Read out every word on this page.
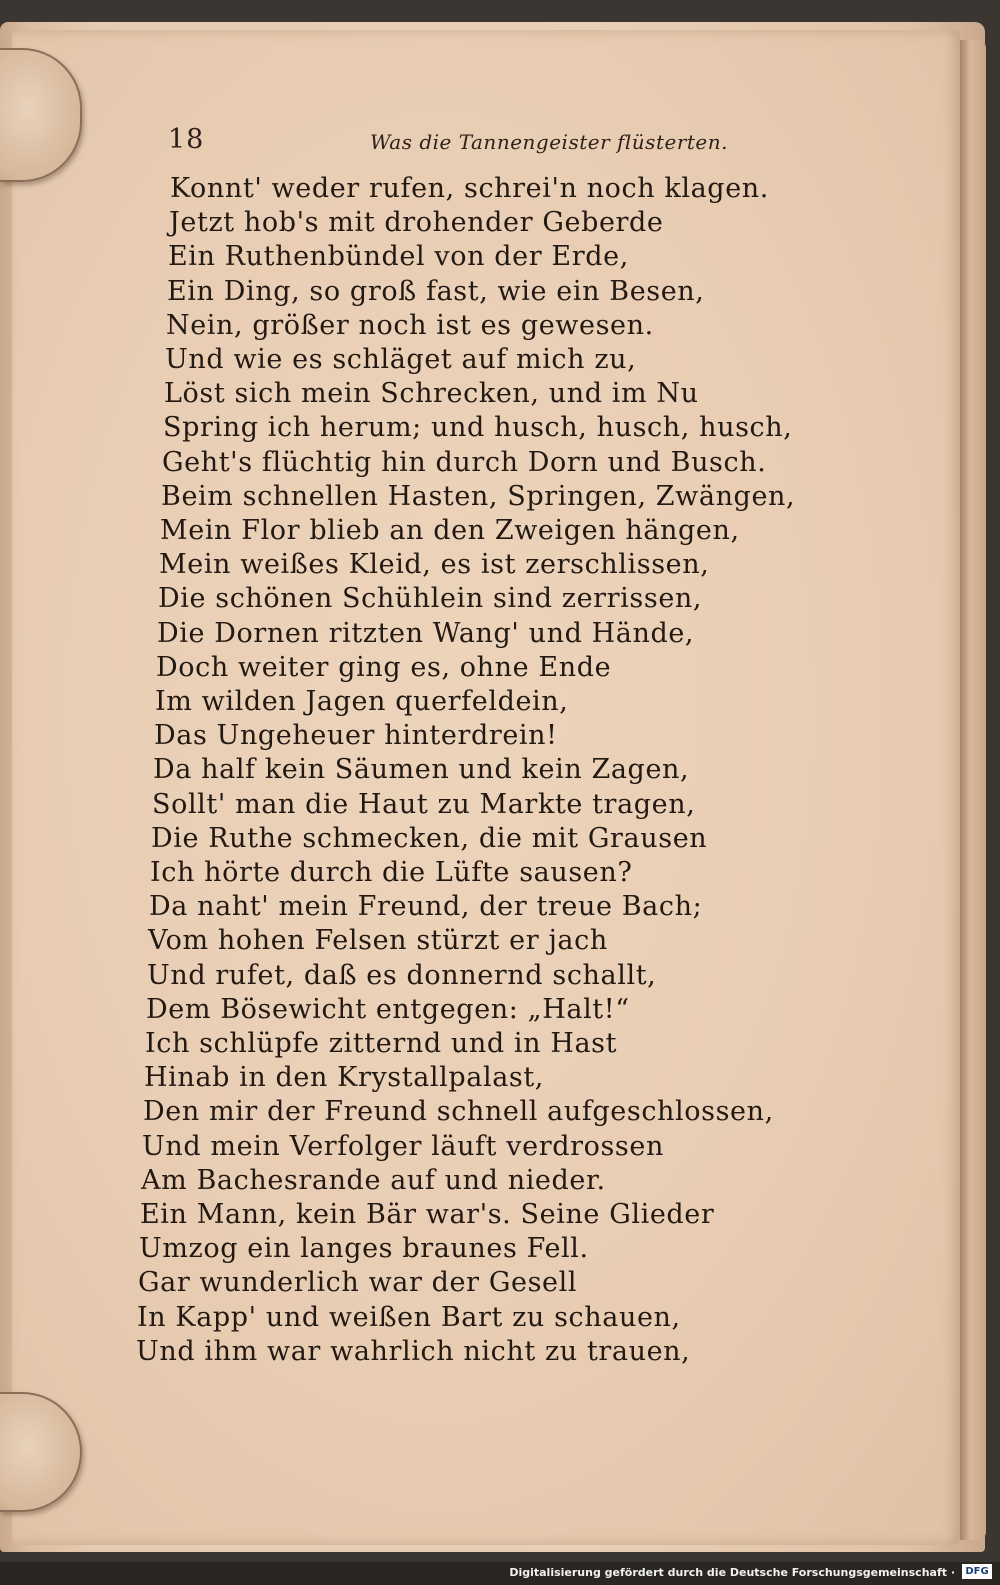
18	Was die Tannengeister flüsterten.
Konnt' weder rufen, schrei'n noch klagen.
Jetzt hob's mit drohender Geberde
Ein Ruthenbündel von der Erde,
Ein Ding, so groß fast, wie ein Besen,
Nein, größer noch ist es gewesen.
Und wie es schläget auf mich zu,
Löst sich mein Schrecken, und im Nu
Spring ich herum; und husch, husch, husch,
Geht's flüchtig hin durch Dorn und Busch.
Beim schnellen Hasten, Springen, Zwängen,
Mein Flor blieb an den Zweigen hängen,
Mein weißes Kleid, es ist zerschlissen,
Die schönen Schühlein sind zerrissen,
Die Dornen ritzten Wang' und Hände,
Doch weiter ging es, ohne Ende
Im wilden Jagen querfeldein,
Das Ungeheuer hinterdrein!
Da half kein Säumen und kein Zagen,
Sollt' man die Haut zu Markte tragen,
Die Ruthe schmecken, die mit Grausen
Ich hörte durch die Lüfte sausen?
Da naht' mein Freund, der treue Bach;
Vom hohen Felsen stürzt er jach
Und rufet, daß es donnernd schallt,
Dem Bösewicht entgegen: „Halt!“
Ich schlüpfe zitternd und in Hast
Hinab in den Krystallpalast,
Den mir der Freund schnell aufgeschlossen,
Und mein Verfolger läuft verdrossen
Am Bachesrande auf und nieder.
Ein Mann, kein Bär war's. Seine Glieder
Umzog ein langes braunes Fell.
Gar wunderlich war der Gesell
In Kapp' und weißen Bart zu schauen,
Und ihm war wahrlich nicht zu trauen,
Digitalisierung gefördert durch die Deutsche Forschungsgemeinschaft ·	DFG
